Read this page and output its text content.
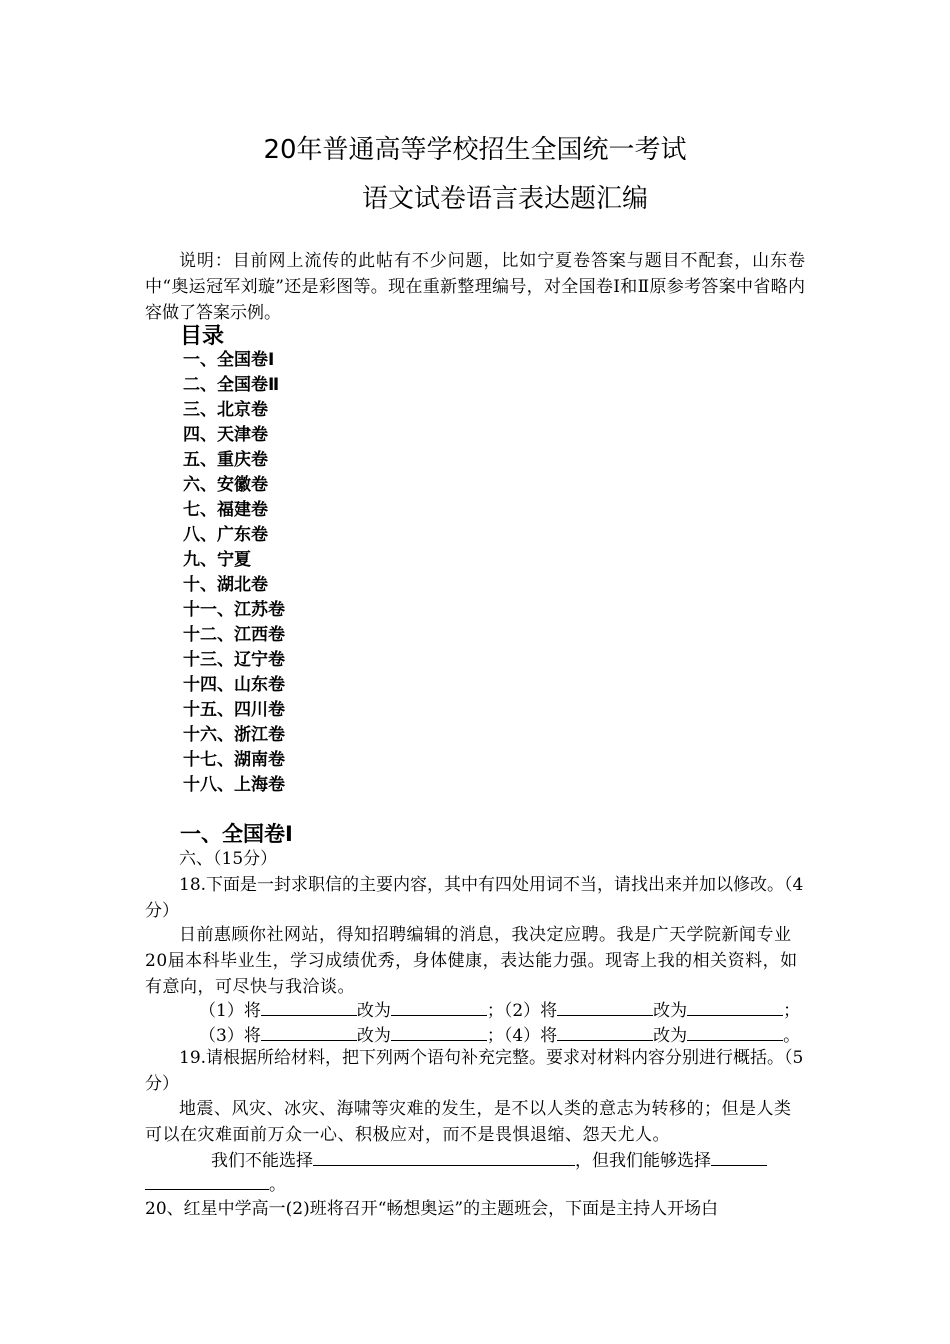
20年普通高等学校招生全国统一考试
语文试卷语言表达题汇编
说明：目前网上流传的此帖有不少问题，比如宁夏卷答案与题目不配套，山东卷中“奥运冠军刘璇”还是彩图等。现在重新整理编号，对全国卷Ⅰ和Ⅱ原参考答案中省略内容做了答案示例。
目录
一、全国卷Ⅰ
二、全国卷Ⅱ
三、北京卷
四、天津卷
五、重庆卷
六、安徽卷
七、福建卷
八、广东卷
九、宁夏
十、湖北卷
十一、江苏卷
十二、江西卷
十三、辽宁卷
十四、山东卷
十五、四川卷
十六、浙江卷
十七、湖南卷
十八、上海卷
一、全国卷Ⅰ
六、（15分）
18.下面是一封求职信的主要内容，其中有四处用词不当，请找出来并加以修改。（4分）
日前惠顾你社网站，得知招聘编辑的消息，我决定应聘。我是广天学院新闻专业20届本科毕业生，学习成绩优秀，身体健康，表达能力强。现寄上我的相关资料，如有意向，可尽快与我洽谈。
（1）将	改为	；（2）将	改为	；
（3）将	改为	；（4）将	改为	。
19.请根据所给材料，把下列两个语句补充完整。要求对材料内容分别进行概括。（5分）
地震、风灾、冰灾、海啸等灾难的发生，是不以人类的意志为转移的；但是人类可以在灾难面前万众一心、积极应对，而不是畏惧退缩、怨天尤人。
我们不能选择	，但我们能够选择
。
20、红星中学高一(2)班将召开“畅想奥运”的主题班会，下面是主持人开场白
